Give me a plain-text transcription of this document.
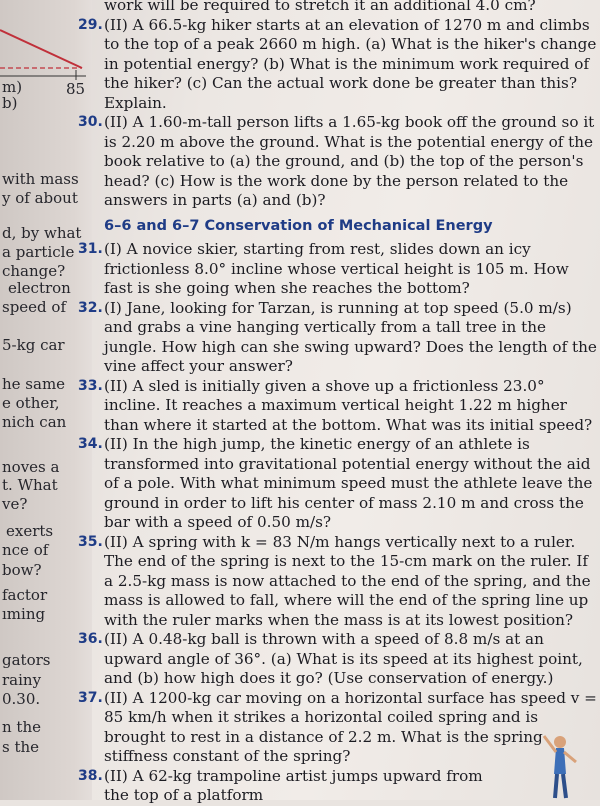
m)
b)
85
with mass
y of about
d, by what
a particle
change?
electron
speed of
5-kg car
he same
e other,
nich can
noves a
t. What
ve?
exerts
nce of
bow?
factor
ıming
gators
rainy
0.30.
n the
s the
work will be required to stretch it an additional 4.0 cm?
29. (II) A 66.5-kg hiker starts at an elevation of 1270 m and climbs to the top of a peak 2660 m high. (a) What is the hiker's change in potential energy? (b) What is the minimum work required of the hiker? (c) Can the actual work done be greater than this? Explain.
30. (II) A 1.60-m-tall person lifts a 1.65-kg book off the ground so it is 2.20 m above the ground. What is the potential energy of the book relative to (a) the ground, and (b) the top of the person's head? (c) How is the work done by the person related to the answers in parts (a) and (b)?
6–6 and 6–7 Conservation of Mechanical Energy
31. (I) A novice skier, starting from rest, slides down an icy frictionless 8.0° incline whose vertical height is 105 m. How fast is she going when she reaches the bottom?
32. (I) Jane, looking for Tarzan, is running at top speed (5.0 m/s) and grabs a vine hanging vertically from a tall tree in the jungle. How high can she swing upward? Does the length of the vine affect your answer?
33. (II) A sled is initially given a shove up a frictionless 23.0° incline. It reaches a maximum vertical height 1.22 m higher than where it started at the bottom. What was its initial speed?
34. (II) In the high jump, the kinetic energy of an athlete is transformed into gravitational potential energy without the aid of a pole. With what minimum speed must the athlete leave the ground in order to lift his center of mass 2.10 m and cross the bar with a speed of 0.50 m/s?
35. (II) A spring with k = 83 N/m hangs vertically next to a ruler. The end of the spring is next to the 15-cm mark on the ruler. If a 2.5-kg mass is now attached to the end of the spring, and the mass is allowed to fall, where will the end of the spring line up with the ruler marks when the mass is at its lowest position?
36. (II) A 0.48-kg ball is thrown with a speed of 8.8 m/s at an upward angle of 36°. (a) What is its speed at its highest point, and (b) how high does it go? (Use conservation of energy.)
37. (II) A 1200-kg car moving on a horizontal surface has speed v = 85 km/h when it strikes a horizontal coiled spring and is brought to rest in a distance of 2.2 m. What is the spring stiffness constant of the spring?
38. (II) A 62-kg trampoline artist jumps upward from the top of a platform
